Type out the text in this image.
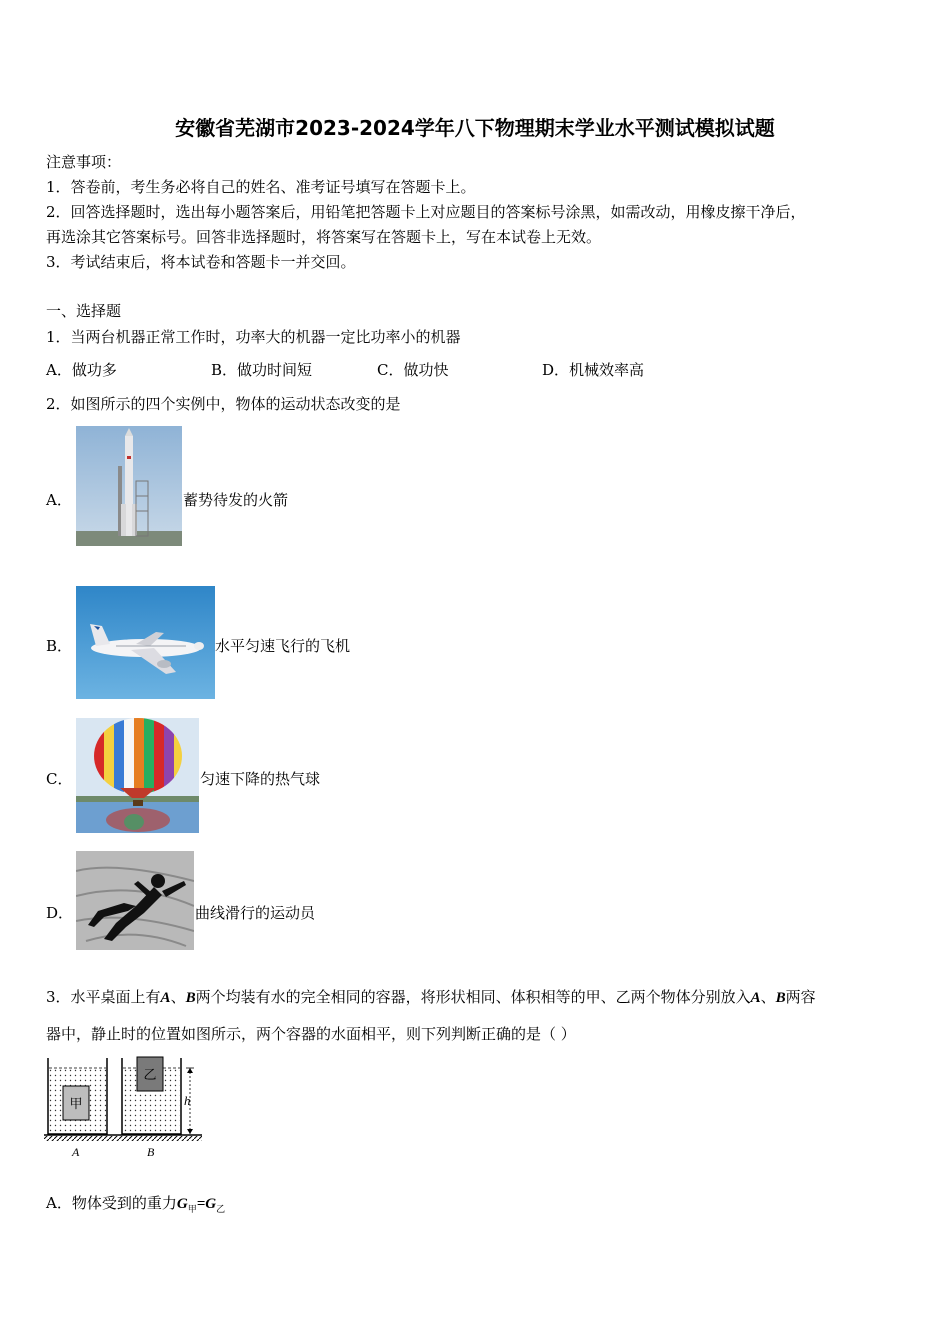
安徽省芜湖市2023-2024学年八下物理期末学业水平测试模拟试题
注意事项：
1．答卷前，考生务必将自己的姓名、准考证号填写在答题卡上。
2．回答选择题时，选出每小题答案后，用铅笔把答题卡上对应题目的答案标号涂黑，如需改动，用橡皮擦干净后，
再选涂其它答案标号。回答非选择题时，将答案写在答题卡上，写在本试卷上无效。
3．考试结束后，将本试卷和答题卡一并交回。
一、选择题
1．当两台机器正常工作时，功率大的机器一定比功率小的机器
A．做功多	B．做功时间短	C．做功快	D．机械效率高
2．如图所示的四个实例中，物体的运动状态改变的是
A．	蓄势待发的火箭
B．	水平匀速飞行的飞机
C．	匀速下降的热气球
D．	曲线滑行的运动员
3．水平桌面上有A、B两个均装有水的完全相同的容器，将形状相同、体积相等的甲、乙两个物体分别放入A、B两容
器中，静止时的位置如图所示，两个容器的水面相平，则下列判断正确的是（ ）
甲
乙
h
A	B
A．物体受到的重力$G_甲=G_乙$
